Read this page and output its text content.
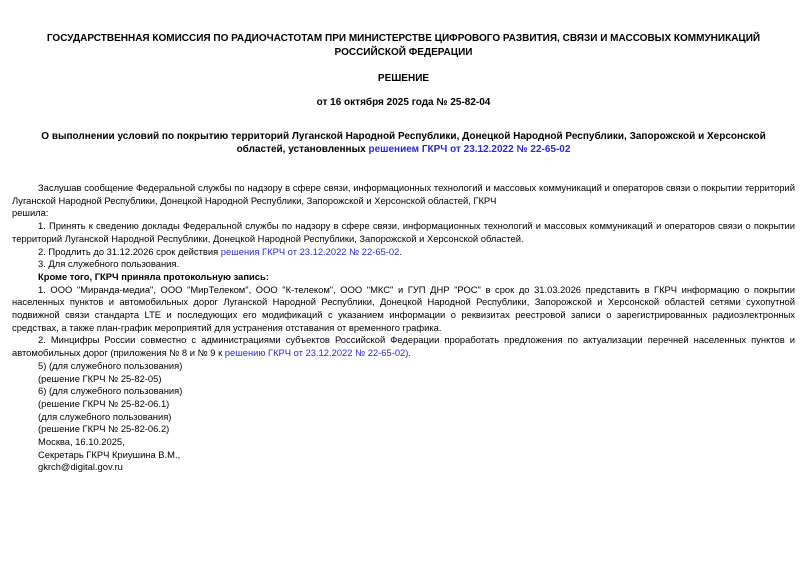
ГОСУДАРСТВЕННАЯ КОМИССИЯ ПО РАДИОЧАСТОТАМ ПРИ МИНИСТЕРСТВЕ ЦИФРОВОГО РАЗВИТИЯ, СВЯЗИ И МАССОВЫХ КОММУНИКАЦИЙ РОССИЙСКОЙ ФЕДЕРАЦИИ
РЕШЕНИЕ
от 16 октября 2025 года № 25-82-04
О выполнении условий по покрытию территорий Луганской Народной Республики, Донецкой Народной Республики, Запорожской и Херсонской областей, установленных решением ГКРЧ от 23.12.2022 № 22-65-02

Заслушав сообщение Федеральной службы по надзору в сфере связи, информационных технологий и массовых коммуникаций и операторов связи о покрытии территорий Луганской Народной Республики, Донецкой Народной Республики, Запорожской и Херсонской областей, ГКРЧ

решила:

1. Принять к сведению доклады Федеральной службы по надзору в сфере связи, информационных технологий и массовых коммуникаций и операторов связи о покрытии территорий Луганской Народной Республики, Донецкой Народной Республики, Запорожской и Херсонской областей.

2. Продлить до 31.12.2026 срок действия решения ГКРЧ от 23.12.2022 № 22-65-02.

3. Для служебного пользования.

Кроме того, ГКРЧ приняла протокольную запись:

1. ООО "Миранда-медиа", ООО "МирТелеком", ООО "К-телеком", ООО "МКС" и ГУП ДНР "РОС" в срок до 31.03.2026 представить в ГКРЧ информацию о покрытии населенных пунктов и автомобильных дорог Луганской Народной Республики, Донецкой Народной Республики, Запорожской и Херсонской областей сетями сухопутной подвижной связи стандарта LTE и последующих его модификаций с указанием информации о реквизитах реестровой записи о зарегистрированных радиоэлектронных средствах, а также план-график мероприятий для устранения отставания от временного графика.

2. Минцифры России совместно с администрациями субъектов Российской Федерации проработать предложения по актуализации перечней населенных пунктов и автомобильных дорог (приложения № 8 и № 9 к решению ГКРЧ от 23.12.2022 № 22-65-02).

5) (для служебного пользования)
(решение ГКРЧ № 25-82-05)
6) (для служебного пользования)
(решение ГКРЧ № 25-82-06.1)
(для служебного пользования)
(решение ГКРЧ № 25-82-06.2)
Москва, 16.10.2025,
Секретарь ГКРЧ Криушина В.М.,
gkrch@digital.gov.ru
